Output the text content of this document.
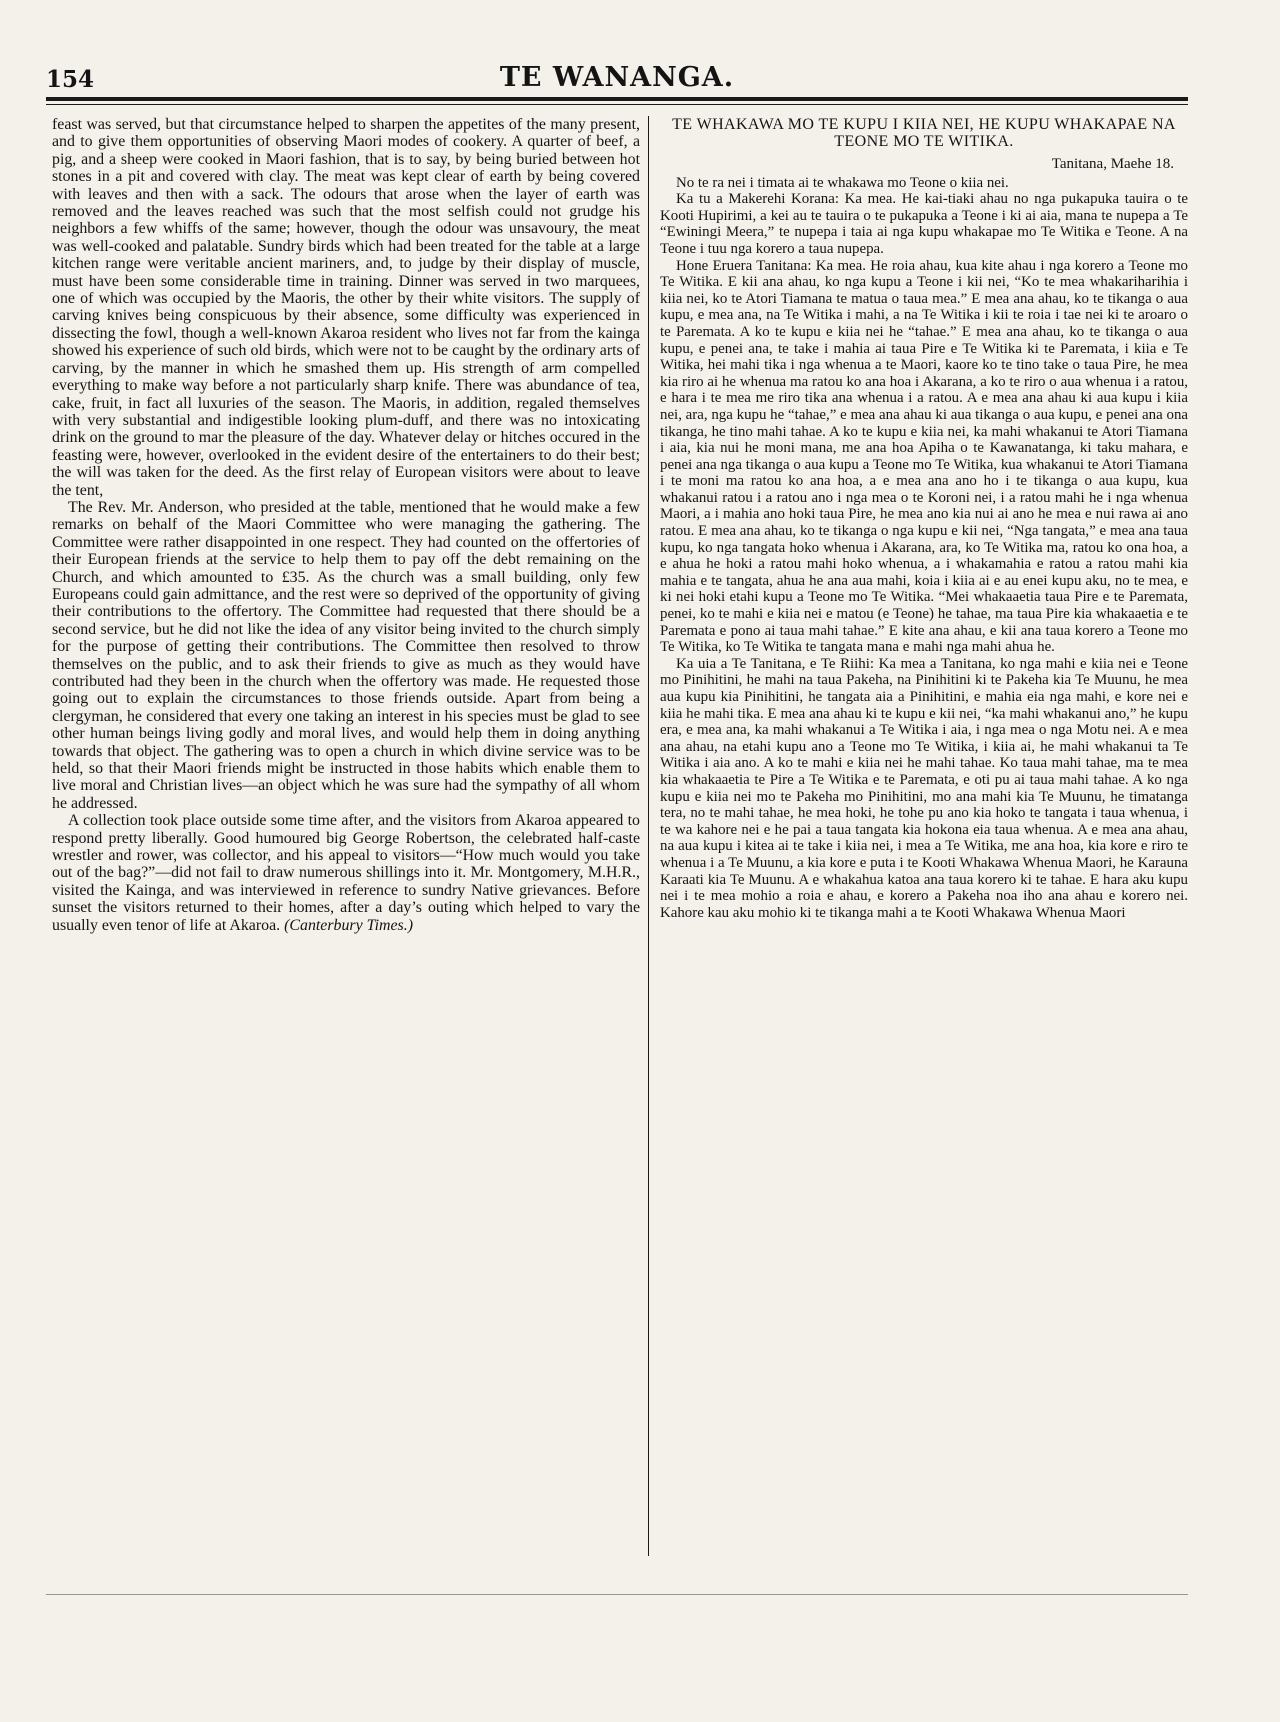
154	TE WANANGA.

feast was served, but that circumstance helped to sharpen the appetites of the many present, and to give them opportunities of observing Maori modes of cookery. A quarter of beef, a pig, and a sheep were cooked in Maori fashion, that is to say, by being buried between hot stones in a pit and covered with clay. The meat was kept clear of earth by being covered with leaves and then with a sack. The odours that arose when the layer of earth was removed and the leaves reached was such that the most selfish could not grudge his neighbors a few whiffs of the same; however, though the odour was unsavoury, the meat was well-cooked and palatable. Sundry birds which had been treated for the table at a large kitchen range were veritable ancient mariners, and, to judge by their display of muscle, must have been some considerable time in training. Dinner was served in two marquees, one of which was occupied by the Maoris, the other by their white visitors. The supply of carving knives being conspicuous by their absence, some difficulty was experienced in dissecting the fowl, though a well-known Akaroa resident who lives not far from the kainga showed his experience of such old birds, which were not to be caught by the ordinary arts of carving, by the manner in which he smashed them up. His strength of arm compelled everything to make way before a not particularly sharp knife. There was abundance of tea, cake, fruit, in fact all luxuries of the season. The Maoris, in addition, regaled themselves with very substantial and indigestible looking plum-duff, and there was no intoxicating drink on the ground to mar the pleasure of the day. Whatever delay or hitches occured in the feasting were, however, overlooked in the evident desire of the entertainers to do their best; the will was taken for the deed. As the first relay of European visitors were about to leave the tent,

The Rev. Mr. Anderson, who presided at the table, mentioned that he would make a few remarks on behalf of the Maori Committee who were managing the gathering. The Committee were rather disappointed in one respect. They had counted on the offertories of their European friends at the service to help them to pay off the debt remaining on the Church, and which amounted to £35. As the church was a small building, only few Europeans could gain admittance, and the rest were so deprived of the opportunity of giving their contributions to the offertory. The Committee had requested that there should be a second service, but he did not like the idea of any visitor being invited to the church simply for the purpose of getting their contributions. The Committee then resolved to throw themselves on the public, and to ask their friends to give as much as they would have contributed had they been in the church when the offertory was made. He requested those going out to explain the circumstances to those friends outside. Apart from being a clergyman, he considered that every one taking an interest in his species must be glad to see other human beings living godly and moral lives, and would help them in doing anything towards that object. The gathering was to open a church in which divine service was to be held, so that their Maori friends might be instructed in those habits which enable them to live moral and Christian lives—an object which he was sure had the sympathy of all whom he addressed.

A collection took place outside some time after, and the visitors from Akaroa appeared to respond pretty liberally. Good humoured big George Robertson, the celebrated half-caste wrestler and rower, was collector, and his appeal to visitors—“How much would you take out of the bag?”—did not fail to draw numerous shillings into it. Mr. Montgomery, M.H.R., visited the Kainga, and was interviewed in reference to sundry Native grievances. Before sunset the visitors returned to their homes, after a day’s outing which helped to vary the usually even tenor of life at Akaroa. (Canterbury Times.)

TE WHAKAWA MO TE KUPU I KIIA NEI, HE KUPU WHAKAPAE NA TEONE MO TE WITIKA.
Tanitana, Maehe 18.

No te ra nei i timata ai te whakawa mo Teone o kiia nei.

Ka tu a Makerehi Korana: Ka mea. He kai-tiaki ahau no nga pukapuka tauira o te Kooti Hupirimi, a kei au te tauira o te pukapuka a Teone i ki ai aia, mana te nupepa a Te “Ewiningi Meera,” te nupepa i taia ai nga kupu whakapae mo Te Witika e Teone. A na Teone i tuu nga korero a taua nupepa.

Hone Eruera Tanitana: Ka mea. He roia ahau, kua kite ahau i nga korero a Teone mo Te Witika. E kii ana ahau, ko nga kupu a Teone i kii nei, “Ko te mea whakariharihia i kiia nei, ko te Atori Tiamana te matua o taua mea.” E mea ana ahau, ko te tikanga o aua kupu, e mea ana, na Te Witika i mahi, a na Te Witika i kii te roia i tae nei ki te aroaro o te Paremata. A ko te kupu e kiia nei he “tahae.” E mea ana ahau, ko te tikanga o aua kupu, e penei ana, te take i mahia ai taua Pire e Te Witika ki te Paremata, i kiia e Te Witika, hei mahi tika i nga whenua a te Maori, kaore ko te tino take o taua Pire, he mea kia riro ai he whenua ma ratou ko ana hoa i Akarana, a ko te riro o aua whenua i a ratou, e hara i te mea me riro tika ana whenua i a ratou. A e mea ana ahau ki aua kupu i kiia nei, ara, nga kupu he “tahae,” e mea ana ahau ki aua tikanga o aua kupu, e penei ana ona tikanga, he tino mahi tahae. A ko te kupu e kiia nei, ka mahi whakanui te Atori Tiamana i aia, kia nui he moni mana, me ana hoa Apiha o te Kawanatanga, ki taku mahara, e penei ana nga tikanga o aua kupu a Teone mo Te Witika, kua whakanui te Atori Tiamana i te moni ma ratou ko ana hoa, a e mea ana ano ho i te tikanga o aua kupu, kua whakanui ratou i a ratou ano i nga mea o te Koroni nei, i a ratou mahi he i nga whenua Maori, a i mahia ano hoki taua Pire, he mea ano kia nui ai ano he mea e nui rawa ai ano ratou. E mea ana ahau, ko te tikanga o nga kupu e kii nei, “Nga tangata,” e mea ana taua kupu, ko nga tangata hoko whenua i Akarana, ara, ko Te Witika ma, ratou ko ona hoa, a e ahua he hoki a ratou mahi hoko whenua, a i whakamahia e ratou a ratou mahi kia mahia e te tangata, ahua he ana aua mahi, koia i kiia ai e au enei kupu aku, no te mea, e ki nei hoki etahi kupu a Teone mo Te Witika. “Mei whakaaetia taua Pire e te Paremata, penei, ko te mahi e kiia nei e matou (e Teone) he tahae, ma taua Pire kia whakaaetia e te Paremata e pono ai taua mahi tahae.” E kite ana ahau, e kii ana taua korero a Teone mo Te Witika, ko Te Witika te tangata mana e mahi nga mahi ahua he.

Ka uia a Te Tanitana, e Te Riihi: Ka mea a Tanitana, ko nga mahi e kiia nei e Teone mo Pinihitini, he mahi na taua Pakeha, na Pinihitini ki te Pakeha kia Te Muunu, he mea aua kupu kia Pinihitini, he tangata aia a Pinihitini, e mahia eia nga mahi, e kore nei e kiia he mahi tika. E mea ana ahau ki te kupu e kii nei, “ka mahi whakanui ano,” he kupu era, e mea ana, ka mahi whakanui a Te Witika i aia, i nga mea o nga Motu nei. A e mea ana ahau, na etahi kupu ano a Teone mo Te Witika, i kiia ai, he mahi whakanui ta Te Witika i aia ano. A ko te mahi e kiia nei he mahi tahae. Ko taua mahi tahae, ma te mea kia whakaaetia te Pire a Te Witika e te Paremata, e oti pu ai taua mahi tahae. A ko nga kupu e kiia nei mo te Pakeha mo Pinihitini, mo ana mahi kia Te Muunu, he timatanga tera, no te mahi tahae, he mea hoki, he tohe pu ano kia hoko te tangata i taua whenua, i te wa kahore nei e he pai a taua tangata kia hokona eia taua whenua. A e mea ana ahau, na aua kupu i kitea ai te take i kiia nei, i mea a Te Witika, me ana hoa, kia kore e riro te whenua i a Te Muunu, a kia kore e puta i te Kooti Whakawa Whenua Maori, he Karauna Karaati kia Te Muunu. A e whakahua katoa ana taua korero ki te tahae. E hara aku kupu nei i te mea mohio a roia e ahau, e korero a Pakeha noa iho ana ahau e korero nei. Kahore kau aku mohio ki te tikanga mahi a te Kooti Whakawa Whenua Maori
